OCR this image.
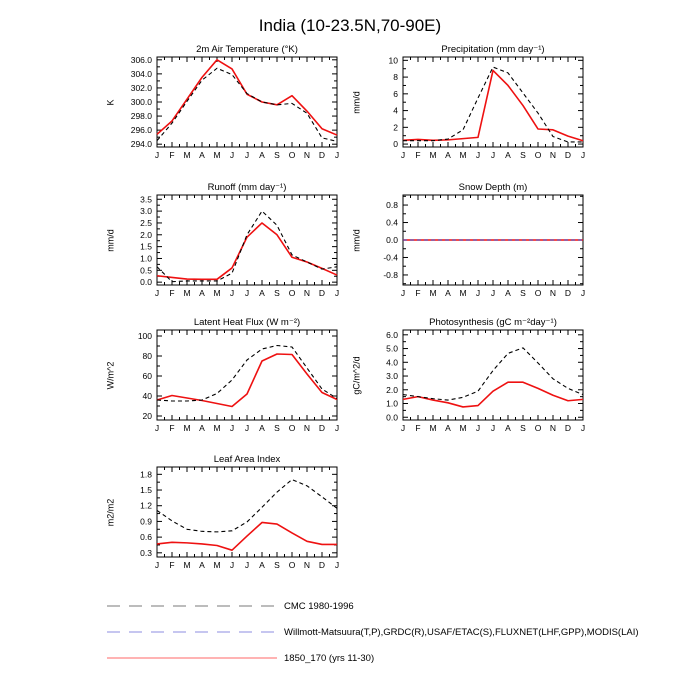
India (10-23.5N,70-90E)
2m Air Temperature (°K)
K
294.0
296.0
298.0
300.0
302.0
304.0
306.0
J F M A M J J A S O N D J
Precipitation (mm day⁻¹)
mm/d
0
2
4
6
8
10
J F M A M J J A S O N D J
Runoff (mm day⁻¹)
mm/d
0.0
0.5
1.0
1.5
2.0
2.5
3.0
3.5
J F M A M J J A S O N D J
Snow Depth (m)
mm/d
-0.8
-0.4
0.0
0.4
0.8
J F M A M J J A S O N D J
Latent Heat Flux (W m⁻²)
W/m^2
20
40
60
80
100
J F M A M J J A S O N D J
Photosynthesis (gC m⁻²day⁻¹)
gC/m^2/d
0.0
1.0
2.0
3.0
4.0
5.0
6.0
J F M A M J J A S O N D J
Leaf Area Index
m2/m2
0.3
0.6
0.9
1.2
1.5
1.8
J F M A M J J A S O N D J
CMC 1980-1996
Willmott-Matsuura(T,P),GRDC(R),USAF/ETAC(S),FLUXNET(LHF,GPP),MODIS(LAI)
1850_170 (yrs 11-30)
